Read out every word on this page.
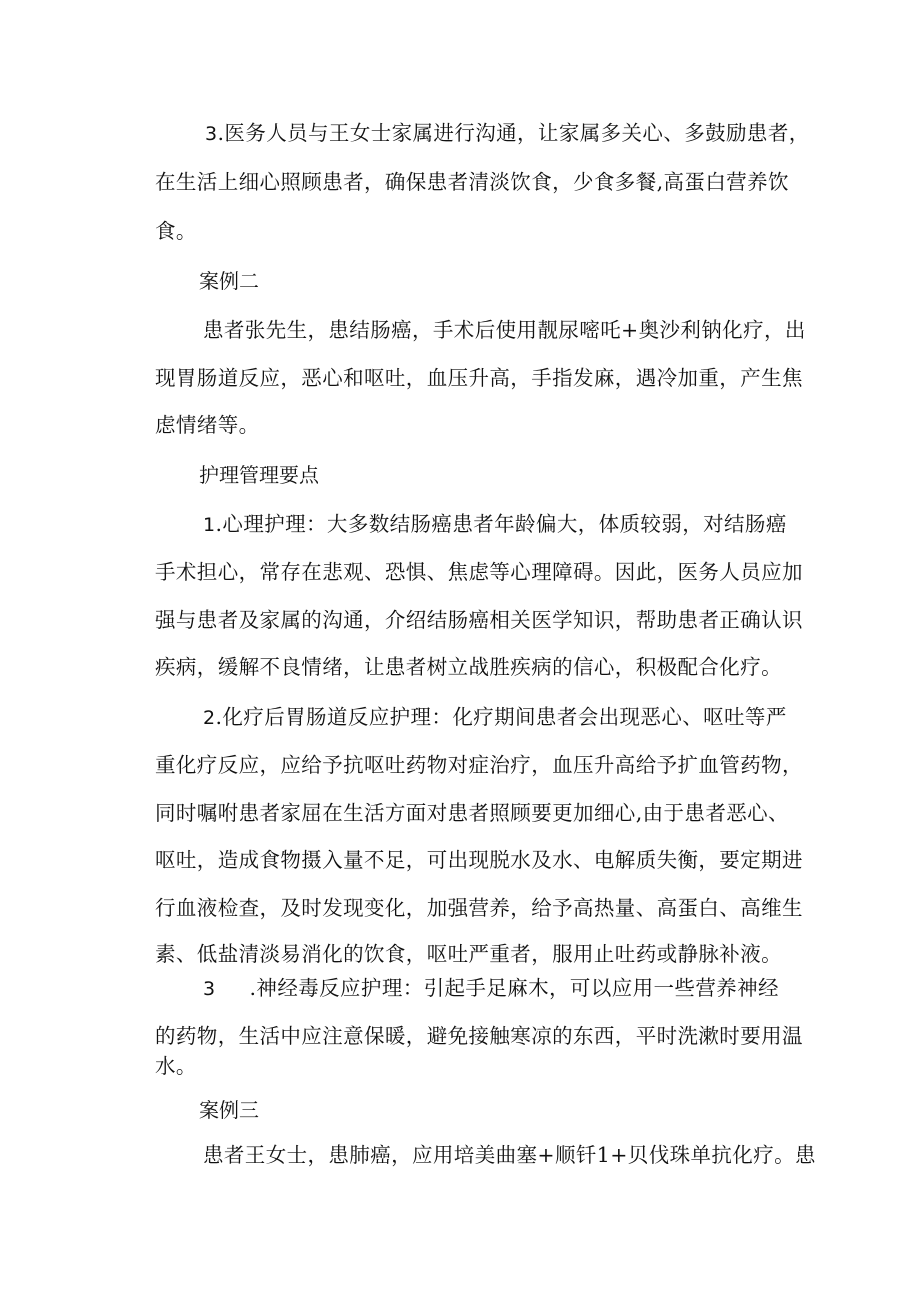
3.医务人员与王女士家属进行沟通，让家属多关心、多鼓励患者，
在生活上细心照顾患者，确保患者清淡饮食，少食多餐,高蛋白营养饮
食。
案例二
患者张先生，患结肠癌，手术后使用靓尿嘧吒+奥沙利钠化疗，出
现胃肠道反应，恶心和呕吐，血压升高，手指发麻，遇冷加重，产生焦
虑情绪等。
护理管理要点
1.心理护理：大多数结肠癌患者年龄偏大，体质较弱，对结肠癌
手术担心，常存在悲观、恐惧、焦虑等心理障碍。因此，医务人员应加
强与患者及家属的沟通，介绍结肠癌相关医学知识，帮助患者正确认识
疾病，缓解不良情绪，让患者树立战胜疾病的信心，积极配合化疗。
2.化疗后胃肠道反应护理：化疗期间患者会出现恶心、呕吐等严
重化疗反应，应给予抗呕吐药物对症治疗，血压升高给予扩血管药物，
同时嘱咐患者家屈在生活方面对患者照顾要更加细心,由于患者恶心、
呕吐，造成食物摄入量不足，可出现脱水及水、电解质失衡，要定期进
行血液检查，及时发现变化，加强营养，给予高热量、高蛋白、高维生
素、低盐清淡易消化的饮食，呕吐严重者，服用止吐药或静脉补液。
3 .神经毒反应护理：引起手足麻木，可以应用一些营养神经
的药物，生活中应注意保暖，避免接触寒凉的东西，平时洗漱时要用温
水。
案例三
患者王女士，患肺癌，应用培美曲塞+顺钎1+贝伐珠单抗化疗。患
